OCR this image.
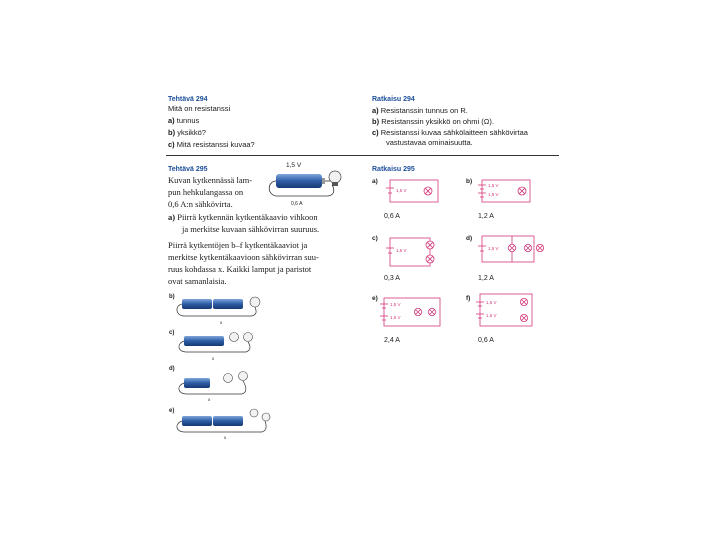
Tehtävä 294
Mitä on resistanssi
a) tunnus
b) yksikkö?
c) Mitä resistanssi kuvaa?
Tehtävä 295
Kuvan kytkennässä lam-
pun hehkulangassa on
0,6 A:n sähkövirta.
a) Piirrä kytkennän kytkentäkaavio vihkoon
ja merkitse kuvaan sähkövirran suuruus.
Piirrä kytkentöjen b–f kytkentäkaaviot ja
merkitse kytkentäkaavioon sähkövirran suu-
ruus kohdassa x. Kaikki lamput ja paristot
ovat samanlaisia.
1,5 V
0,6 A
b)
x
c)
x
d)
x
e)
x
Ratkaisu 294
a) Resistanssin tunnus on R.
b) Resistanssin yksikkö on ohmi (Ω).
c) Resistanssi kuvaa sähkölaitteen sähkövirtaa
vastustavaa ominaisuutta.
Ratkaisu 295
a)	b)
c)	d)
e)	f)
1,5 V
1,5 V
1,5 V
1,5 V	1,5 V
1,5 V
1,5 V
1,5 V
1,5 V
0,6 A	1,2 A
0,3 A	1,2 A
2,4 A	0,6 A
